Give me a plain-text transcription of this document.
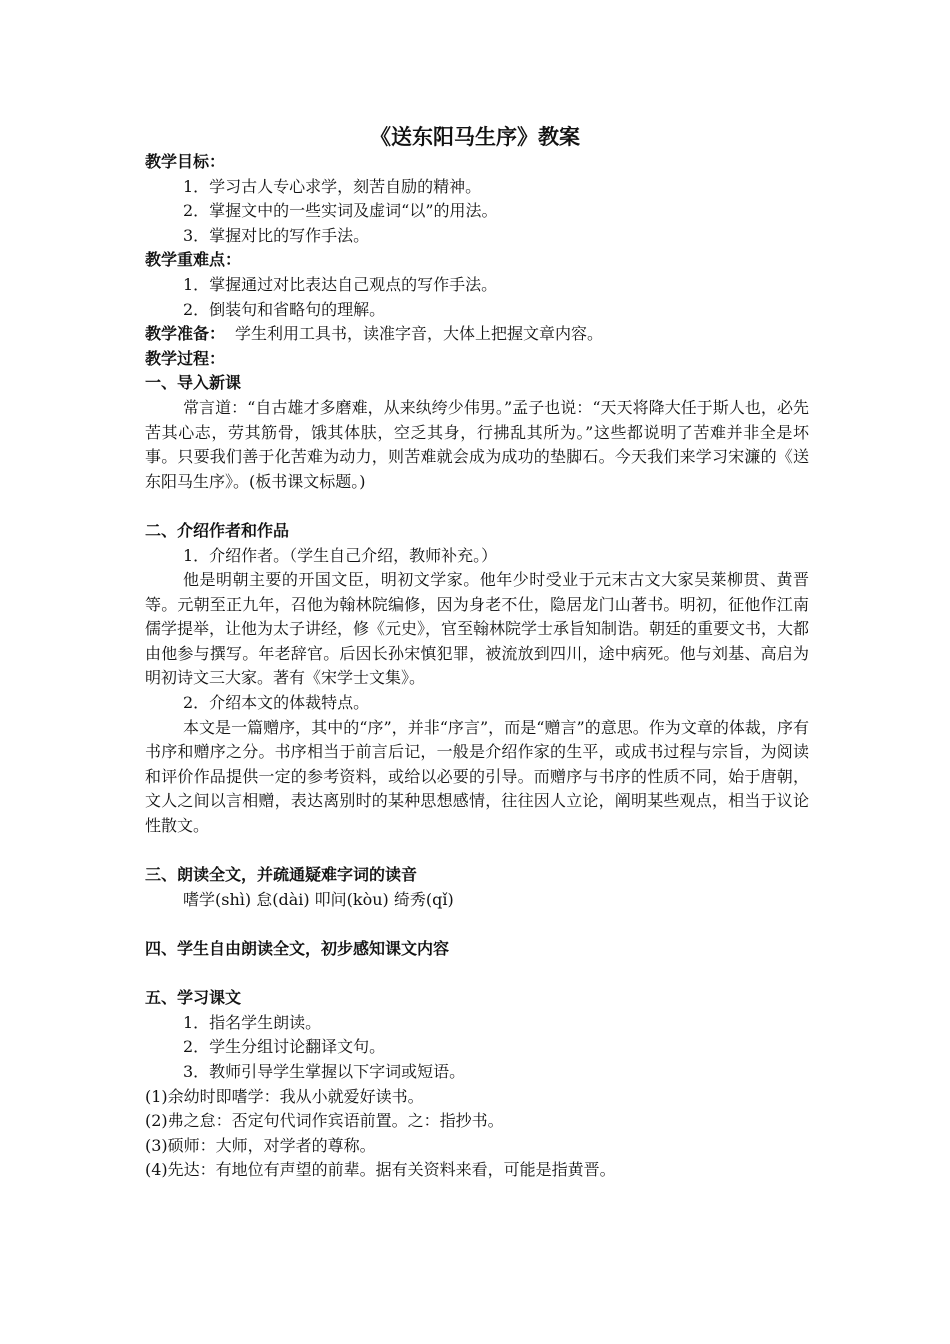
《送东阳马生序》教案

教学目标：

1．学习古人专心求学，刻苦自励的精神。

2．掌握文中的一些实词及虚词“以”的用法。

3．掌握对比的写作手法。

教学重难点：

1．掌握通过对比表达自己观点的写作手法。

2．倒装句和省略句的理解。

教学准备： 学生利用工具书，读准字音，大体上把握文章内容。

教学过程：

一、导入新课

常言道：“自古雄才多磨难，从来纨绔少伟男。”孟子也说：“天天将降大任于斯人也，必先苦其心志，劳其筋骨，饿其体肤，空乏其身，行拂乱其所为。”这些都说明了苦难并非全是坏事。只要我们善于化苦难为动力，则苦难就会成为成功的垫脚石。今天我们来学习宋濂的《送东阳马生序》。(板书课文标题。)

二、介绍作者和作品

1．介绍作者。（学生自己介绍，教师补充。）

他是明朝主要的开国文臣，明初文学家。他年少时受业于元末古文大家吴莱柳贯、黄晋等。元朝至正九年，召他为翰林院编修，因为身老不仕，隐居龙门山著书。明初，征他作江南儒学提举，让他为太子讲经，修《元史》，官至翰林院学士承旨知制诰。朝廷的重要文书，大都由他参与撰写。年老辞官。后因长孙宋慎犯罪，被流放到四川，途中病死。他与刘基、高启为明初诗文三大家。著有《宋学士文集》。

2．介绍本文的体裁特点。

本文是一篇赠序，其中的“序”，并非“序言”，而是“赠言”的意思。作为文章的体裁，序有书序和赠序之分。书序相当于前言后记，一般是介绍作家的生平，或成书过程与宗旨，为阅读和评价作品提供一定的参考资料，或给以必要的引导。而赠序与书序的性质不同，始于唐朝，文人之间以言相赠，表达离别时的某种思想感情，往往因人立论，阐明某些观点，相当于议论性散文。

三、朗读全文，并疏通疑难字词的读音

嗜学(shì) 怠(dài) 叩问(kòu) 绮秀(qǐ)

四、学生自由朗读全文，初步感知课文内容

五、学习课文

1．指名学生朗读。

2．学生分组讨论翻译文句。

3．教师引导学生掌握以下字词或短语。

(1)余幼时即嗜学：我从小就爱好读书。

(2)弗之怠：否定句代词作宾语前置。之：指抄书。

(3)硕师：大师，对学者的尊称。

(4)先达：有地位有声望的前辈。据有关资料来看，可能是指黄晋。
